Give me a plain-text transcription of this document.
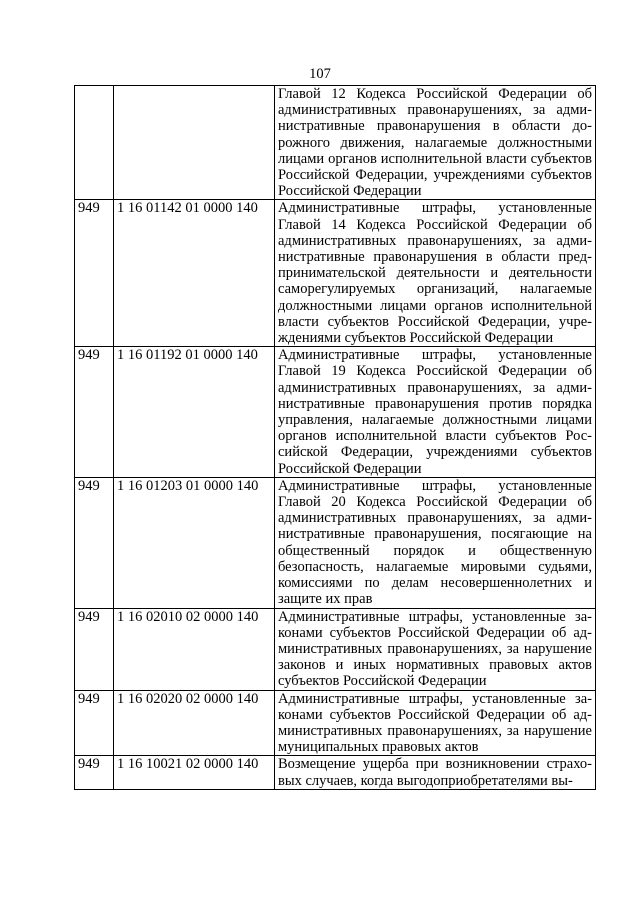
107
		Главой 12 Кодекса Российской Федерации об административных правонарушениях, за административные правонарушения в области дорожного движения, налагаемые должностными лицами органов исполнительной власти субъектов Российской Федерации, учреждениями субъектов Российской Федерации
949	1 16 01142 01 0000 140	Административные штрафы, установленные Главой 14 Кодекса Российской Федерации об административных правонарушениях, за административные правонарушения в области предпринимательской деятельности и деятельности саморегулируемых организаций, налагаемые должностными лицами органов исполнительной власти субъектов Российской Федерации, учреждениями субъектов Российской Федерации
949	1 16 01192 01 0000 140	Административные штрафы, установленные Главой 19 Кодекса Российской Федерации об административных правонарушениях, за административные правонарушения против порядка управления, налагаемые должностными лицами органов исполнительной власти субъектов Российской Федерации, учреждениями субъектов Российской Федерации
949	1 16 01203 01 0000 140	Административные штрафы, установленные Главой 20 Кодекса Российской Федерации об административных правонарушениях, за административные правонарушения, посягающие на общественный порядок и общественную безопасность, налагаемые мировыми судьями, комиссиями по делам несовершеннолетних и защите их прав
949	1 16 02010 02 0000 140	Административные штрафы, установленные законами субъектов Российской Федерации об административных правонарушениях, за нарушение законов и иных нормативных правовых актов субъектов Российской Федерации
949	1 16 02020 02 0000 140	Административные штрафы, установленные законами субъектов Российской Федерации об административных правонарушениях, за нарушение муниципальных правовых актов
949	1 16 10021 02 0000 140	Возмещение ущерба при возникновении страховых случаев, когда выгодоприобретателями вы-
